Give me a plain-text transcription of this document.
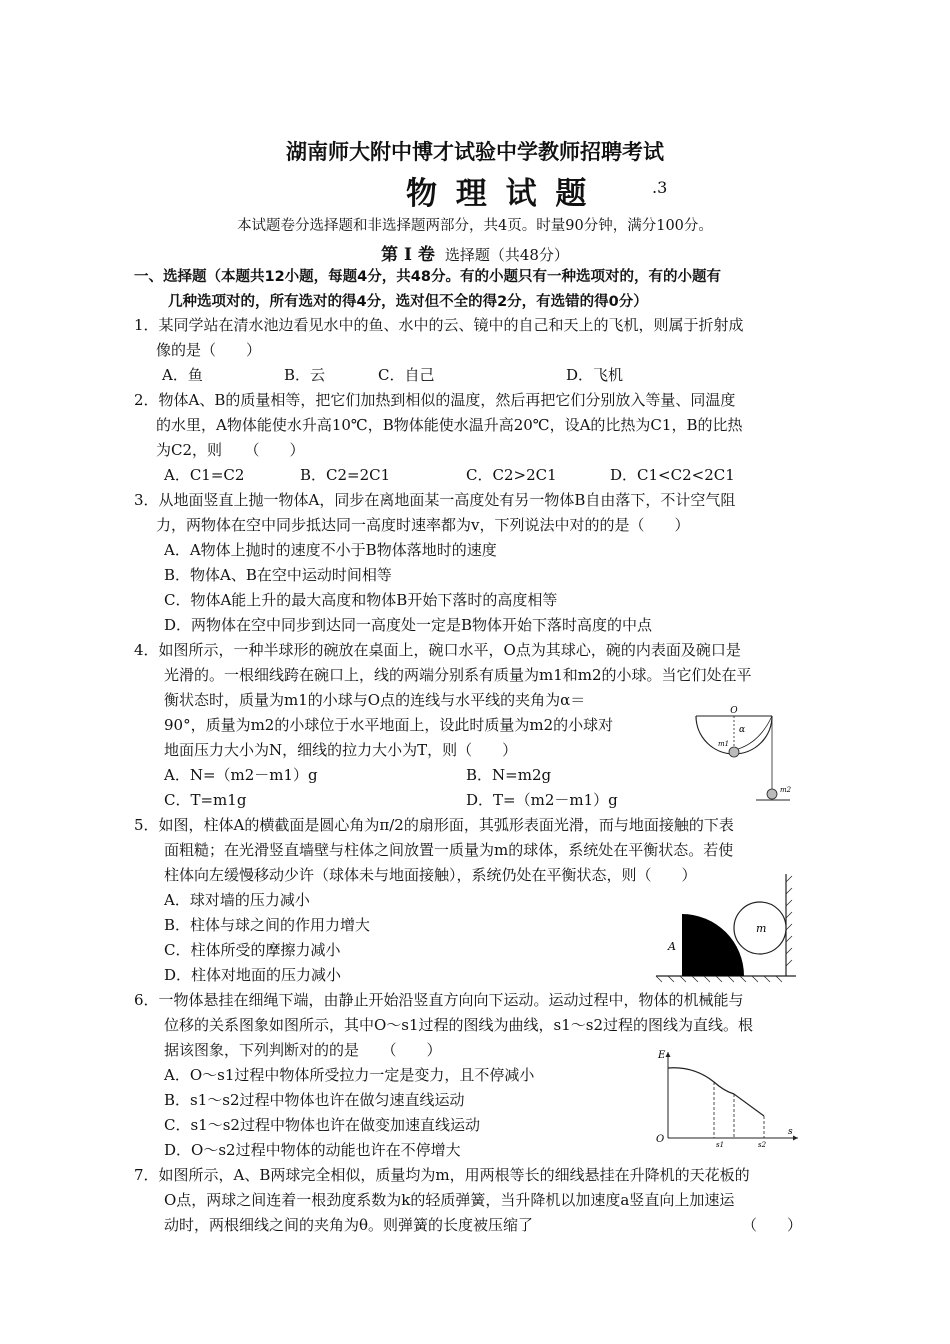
湖南师大附中博才试验中学教师招聘考试
物 理 试 题	.3
本试题卷分选择题和非选择题两部分，共4页。时量90分钟，满分100分。
第 I 卷 选择题（共48分）
一、选择题（本题共12小题，每题4分，共48分。有的小题只有一种选项对的，有的小题有
几种选项对的，所有选对的得4分，选对但不全的得2分，有选错的得0分）
1．某同学站在清水池边看见水中的鱼、水中的云、镜中的自己和天上的飞机，则属于折射成
像的是（　　）
A．鱼	B．云	C．自己	D．飞机
2．物体A、B的质量相等，把它们加热到相似的温度，然后再把它们分别放入等量、同温度
的水里，A物体能使水升高10℃，B物体能使水温升高20℃，设A的比热为C1，B的比热
为C2，则　　（　　）
A．C1=C2	B．C2=2C1	C．C2>2C1	D．C1<C2<2C1
3．从地面竖直上抛一物体A，同步在离地面某一高度处有另一物体B自由落下，不计空气阻
力，两物体在空中同步抵达同一高度时速率都为v，下列说法中对的的是（　　）
A．A物体上抛时的速度不小于B物体落地时的速度
B．物体A、B在空中运动时间相等
C．物体A能上升的最大高度和物体B开始下落时的高度相等
D．两物体在空中同步到达同一高度处一定是B物体开始下落时高度的中点
4．如图所示，一种半球形的碗放在桌面上，碗口水平，O点为其球心，碗的内表面及碗口是
光滑的。一根细线跨在碗口上，线的两端分别系有质量为m1和m2的小球。当它们处在平
衡状态时，质量为m1的小球与O点的连线与水平线的夹角为α＝
90°，质量为m2的小球位于水平地面上，设此时质量为m2的小球对
地面压力大小为N，细线的拉力大小为T，则（　　）
A．N=（m2－m1）g	B．N=m2g
C．T=m1g	D．T=（m2－m1）g
O
α
m1
m2
5．如图，柱体A的横截面是圆心角为π/2的扇形面，其弧形表面光滑，而与地面接触的下表
面粗糙；在光滑竖直墙壁与柱体之间放置一质量为m的球体，系统处在平衡状态。若使
柱体向左缓慢移动少许（球体未与地面接触），系统仍处在平衡状态，则（　　）
A．球对墙的压力减小
B．柱体与球之间的作用力增大
C．柱体所受的摩擦力减小
D．柱体对地面的压力减小
A
m
6．一物体悬挂在细绳下端，由静止开始沿竖直方向向下运动。运动过程中，物体的机械能与
位移的关系图象如图所示，其中O～s1过程的图线为曲线，s1～s2过程的图线为直线。根
据该图象，下列判断对的的是　　（　　）
A．O～s1过程中物体所受拉力一定是变力，且不停减小
B．s1～s2过程中物体也许在做匀速直线运动
C．s1～s2过程中物体也许在做变加速直线运动
D．O～s2过程中物体的动能也许在不停增大
E
O
s
s1	s2
7．如图所示，A、B两球完全相似，质量均为m，用两根等长的细线悬挂在升降机的天花板的
O点，两球之间连着一根劲度系数为k的轻质弹簧，当升降机以加速度a竖直向上加速运
动时，两根细线之间的夹角为θ。则弹簧的长度被压缩了	（　　）
